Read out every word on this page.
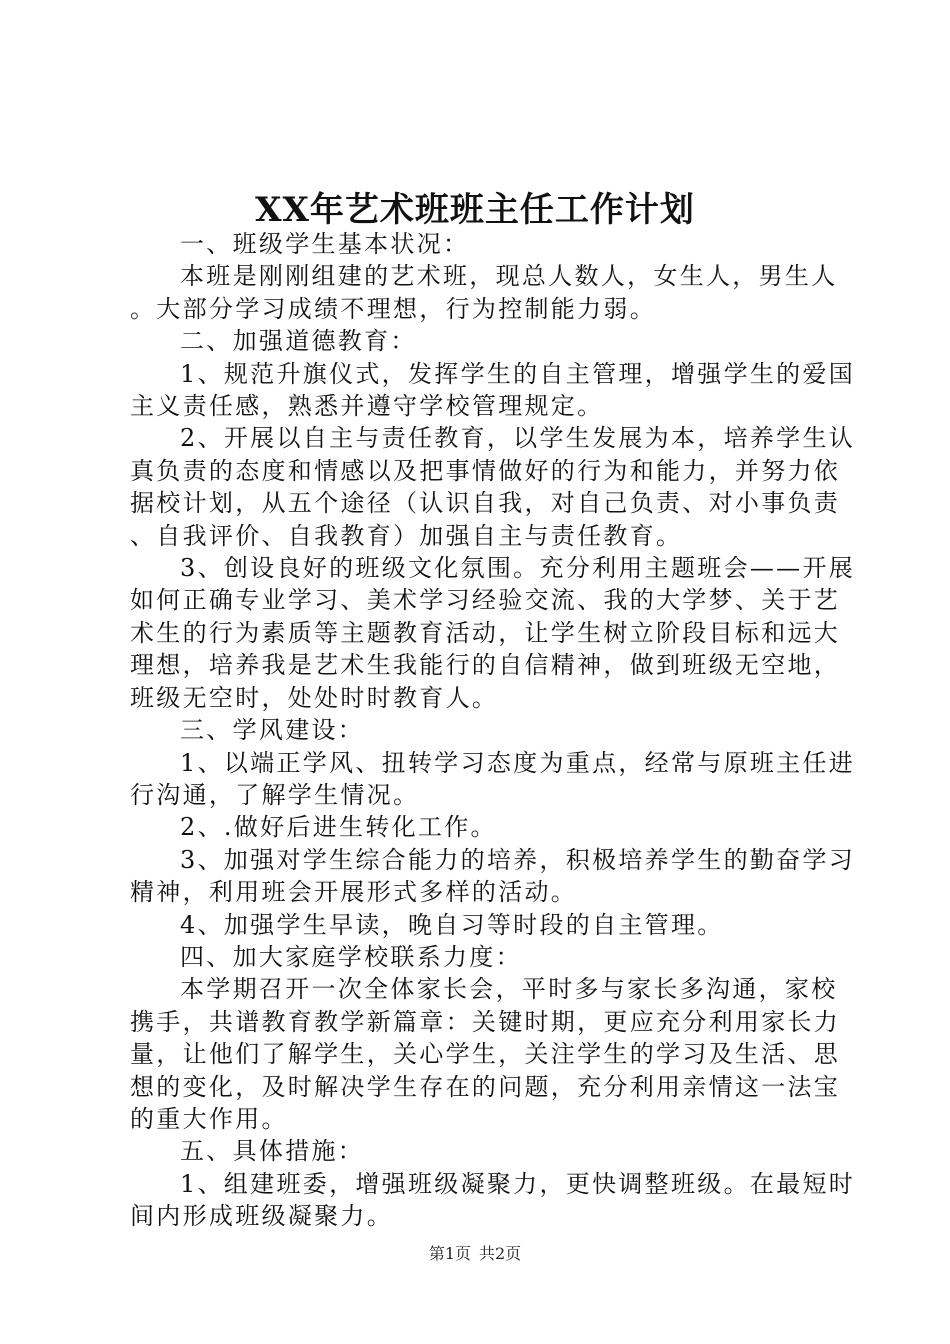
XX年艺术班班主任工作计划

一、班级学生基本状况：

本班是刚刚组建的艺术班，现总人数人，女生人，男生人。大部分学习成绩不理想，行为控制能力弱。

二、加强道德教育：

1、规范升旗仪式，发挥学生的自主管理，增强学生的爱国主义责任感，熟悉并遵守学校管理规定。

2、开展以自主与责任教育，以学生发展为本，培养学生认真负责的态度和情感以及把事情做好的行为和能力，并努力依据校计划，从五个途径（认识自我，对自己负责、对小事负责、自我评价、自我教育）加强自主与责任教育。

3、创设良好的班级文化氛围。充分利用主题班会——开展如何正确专业学习、美术学习经验交流、我的大学梦、关于艺术生的行为素质等主题教育活动，让学生树立阶段目标和远大理想，培养我是艺术生我能行的自信精神，做到班级无空地，班级无空时，处处时时教育人。

三、学风建设：

1、以端正学风、扭转学习态度为重点，经常与原班主任进行沟通，了解学生情况。

2、.做好后进生转化工作。

3、加强对学生综合能力的培养，积极培养学生的勤奋学习精神，利用班会开展形式多样的活动。

4、加强学生早读，晚自习等时段的自主管理。

四、加大家庭学校联系力度：

本学期召开一次全体家长会，平时多与家长多沟通，家校携手，共谱教育教学新篇章：关键时期，更应充分利用家长力量，让他们了解学生，关心学生，关注学生的学习及生活、思想的变化，及时解决学生存在的问题，充分利用亲情这一法宝的重大作用。

五、具体措施：

1、组建班委，增强班级凝聚力，更快调整班级。在最短时间内形成班级凝聚力。

第1页 共2页
